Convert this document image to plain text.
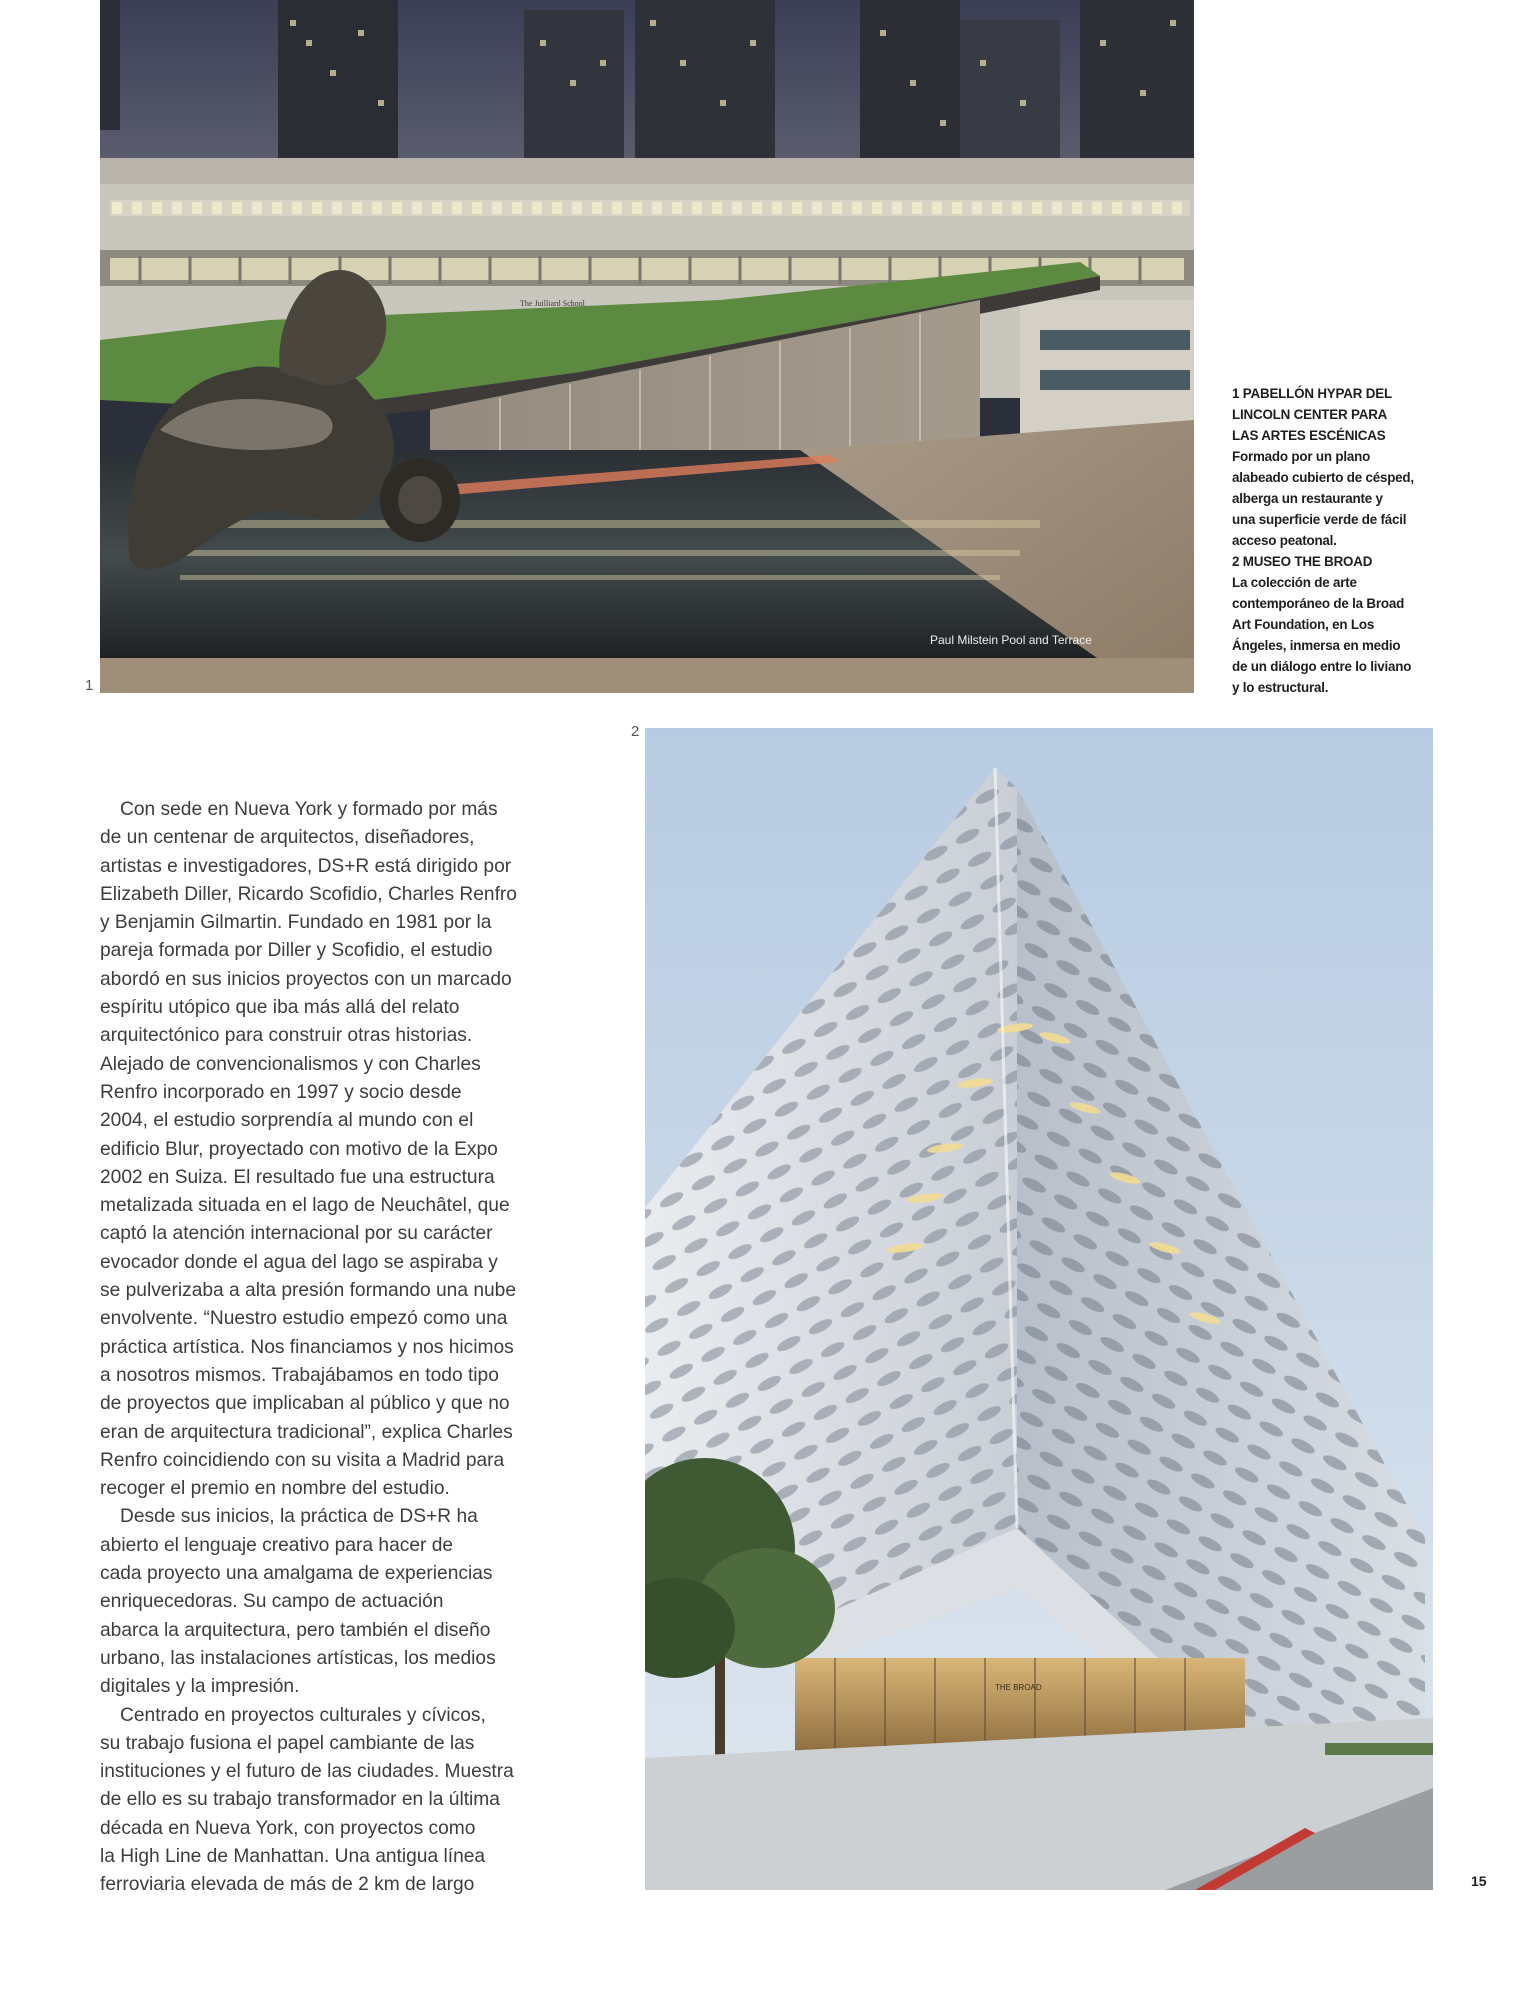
The Juilliard School
Paul Milstein Pool and Terrace
1

1 PABELLÓN HYPAR DEL
LINCOLN CENTER PARA
LAS ARTES ESCÉNICAS

Formado por un plano
alabeado cubierto de césped,
alberga un restaurante y
una superficie verde de fácil
acceso peatonal.

2 MUSEO THE BROAD

La colección de arte
contemporáneo de la Broad
Art Foundation, en Los
Ángeles, inmersa en medio
de un diálogo entre lo liviano
y lo estructural.

2
THE BROAD

Con sede en Nueva York y formado por más
de un centenar de arquitectos, diseñadores,
artistas e investigadores, DS+R está dirigido por
Elizabeth Diller, Ricardo Scofidio, Charles Renfro
y Benjamin Gilmartin. Fundado en 1981 por la
pareja formada por Diller y Scofidio, el estudio
abordó en sus inicios proyectos con un marcado
espíritu utópico que iba más allá del relato
arquitectónico para construir otras historias.
Alejado de convencionalismos y con Charles
Renfro incorporado en 1997 y socio desde
2004, el estudio sorprendía al mundo con el
edificio Blur, proyectado con motivo de la Expo
2002 en Suiza. El resultado fue una estructura
metalizada situada en el lago de Neuchâtel, que
captó la atención internacional por su carácter
evocador donde el agua del lago se aspiraba y
se pulverizaba a alta presión formando una nube
envolvente. “Nuestro estudio empezó como una
práctica artística. Nos financiamos y nos hicimos
a nosotros mismos. Trabajábamos en todo tipo
de proyectos que implicaban al público y que no
eran de arquitectura tradicional”, explica Charles
Renfro coincidiendo con su visita a Madrid para
recoger el premio en nombre del estudio.

Desde sus inicios, la práctica de DS+R ha
abierto el lenguaje creativo para hacer de
cada proyecto una amalgama de experiencias
enriquecedoras. Su campo de actuación
abarca la arquitectura, pero también el diseño
urbano, las instalaciones artísticas, los medios
digitales y la impresión.

Centrado en proyectos culturales y cívicos,
su trabajo fusiona el papel cambiante de las
instituciones y el futuro de las ciudades. Muestra
de ello es su trabajo transformador en la última
década en Nueva York, con proyectos como
la High Line de Manhattan. Una antigua línea
ferroviaria elevada de más de 2 km de largo	15
